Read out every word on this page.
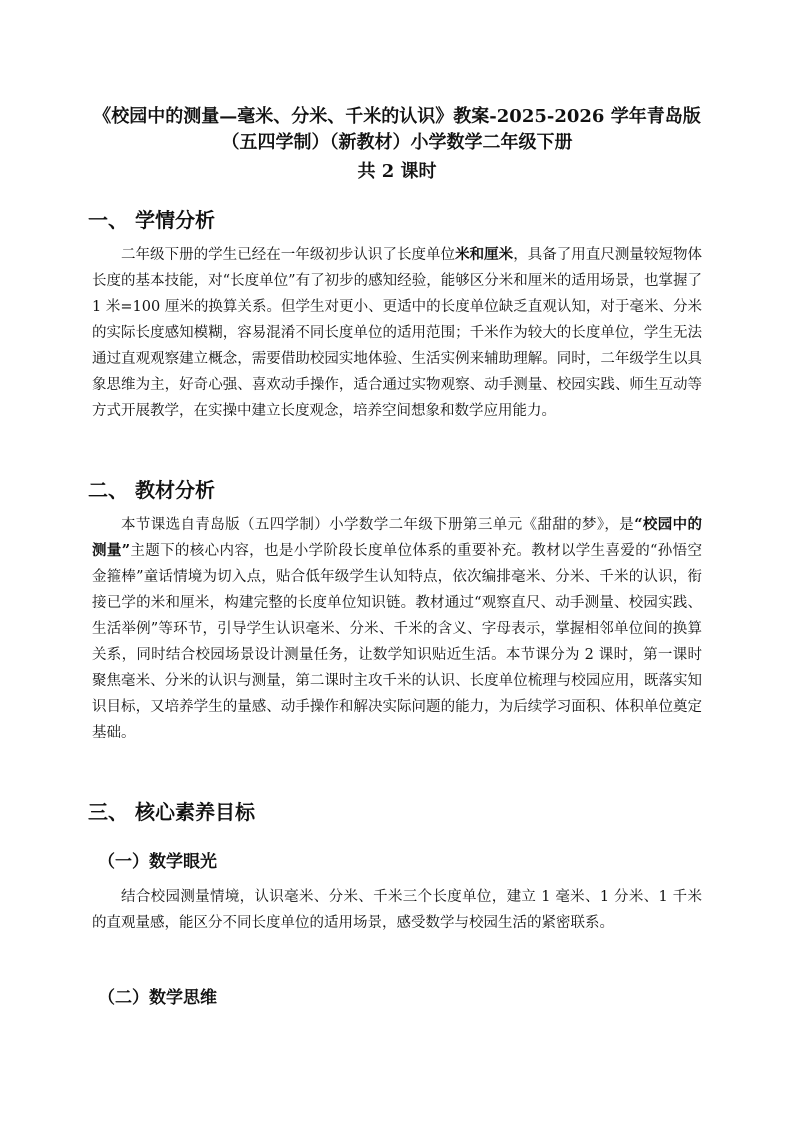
《校园中的测量—毫米、分米、千米的认识》教案-2025-2026 学年青岛版
（五四学制）（新教材）小学数学二年级下册
共 2 课时
一、 学情分析

二年级下册的学生已经在一年级初步认识了长度单位米和厘米，具备了用直尺测量较短物体长度的基本技能，对“长度单位”有了初步的感知经验，能够区分米和厘米的适用场景，也掌握了 1 米=100 厘米的换算关系。但学生对更小、更适中的长度单位缺乏直观认知，对于毫米、分米的实际长度感知模糊，容易混淆不同长度单位的适用范围；千米作为较大的长度单位，学生无法通过直观观察建立概念，需要借助校园实地体验、生活实例来辅助理解。同时，二年级学生以具象思维为主，好奇心强、喜欢动手操作，适合通过实物观察、动手测量、校园实践、师生互动等方式开展教学，在实操中建立长度观念，培养空间想象和数学应用能力。

二、 教材分析

本节课选自青岛版（五四学制）小学数学二年级下册第三单元《甜甜的梦》，是“校园中的测量”主题下的核心内容，也是小学阶段长度单位体系的重要补充。教材以学生喜爱的“孙悟空金箍棒”童话情境为切入点，贴合低年级学生认知特点，依次编排毫米、分米、千米的认识，衔接已学的米和厘米，构建完整的长度单位知识链。教材通过“观察直尺、动手测量、校园实践、生活举例”等环节，引导学生认识毫米、分米、千米的含义、字母表示，掌握相邻单位间的换算关系，同时结合校园场景设计测量任务，让数学知识贴近生活。本节课分为 2 课时，第一课时聚焦毫米、分米的认识与测量，第二课时主攻千米的认识、长度单位梳理与校园应用，既落实知识目标，又培养学生的量感、动手操作和解决实际问题的能力，为后续学习面积、体积单位奠定基础。

三、 核心素养目标
（一）数学眼光

结合校园测量情境，认识毫米、分米、千米三个长度单位，建立 1 毫米、1 分米、1 千米的直观量感，能区分不同长度单位的适用场景，感受数学与校园生活的紧密联系。

（二）数学思维
